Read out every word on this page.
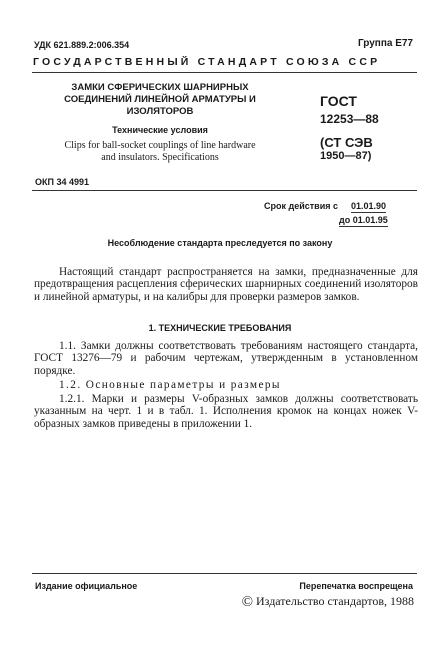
УДК 621.889.2:006.354	Группа Е77
ГОСУДАРСТВЕННЫЙ СТАНДАРТ СОЮЗА ССР
ЗАМКИ СФЕРИЧЕСКИХ ШАРНИРНЫХ СОЕДИНЕНИЙ ЛИНЕЙНОЙ АРМАТУРЫ И ИЗОЛЯТОРОВ
Технические условия
Clips for ball-socket couplings of line hardware and insulators. Specifications
ГОСТ
12253—88
(СТ СЭВ
1950—87)
ОКП 34 4991
Срок действия с 01.01.90
до 01.01.95
Несоблюдение стандарта преследуется по закону
Настоящий стандарт распространяется на замки, предназначенные для предотвращения расцепления сферических шарнирных соединений изоляторов и линейной арматуры, и на калибры для проверки размеров замков.
1. ТЕХНИЧЕСКИЕ ТРЕБОВАНИЯ
1.1. Замки должны соответствовать требованиям настоящего стандарта, ГОСТ 13276—79 и рабочим чертежам, утвержденным в установленном порядке.
1.2. Основные параметры и размеры
1.2.1. Марки и размеры V-образных замков должны соответствовать указанным на черт. 1 и в табл. 1. Исполнения кромок на концах ножек V-образных замков приведены в приложении 1.
Издание официальное	Перепечатка воспрещена
© Издательство стандартов, 1988
